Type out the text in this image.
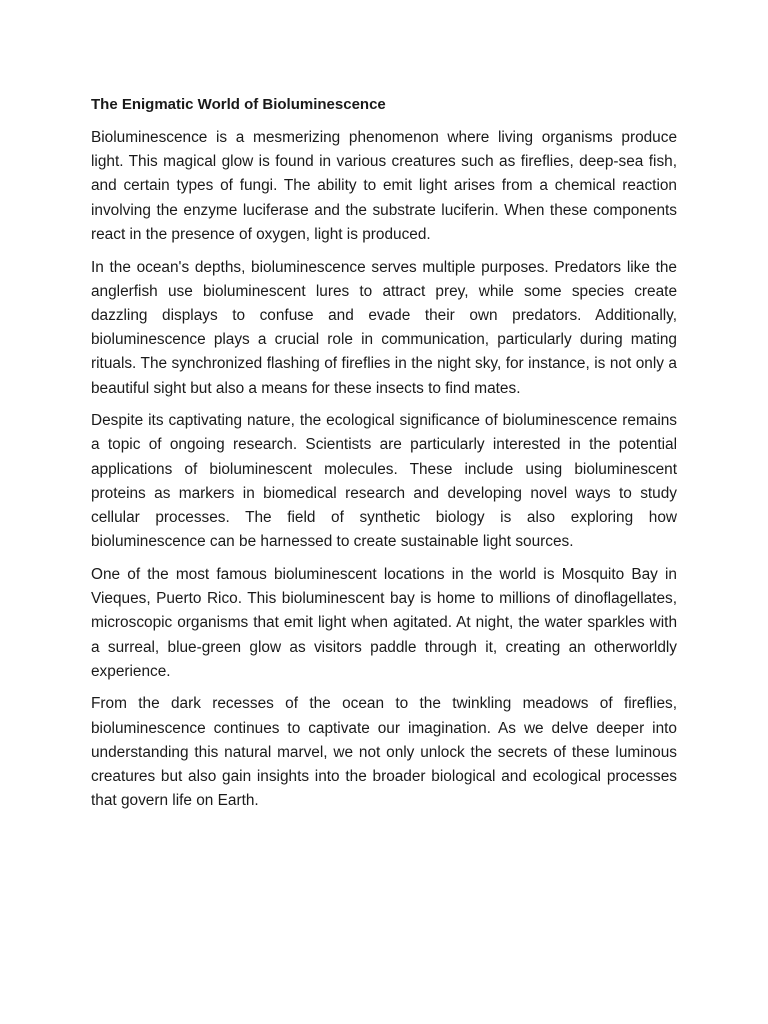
The Enigmatic World of Bioluminescence

Bioluminescence is a mesmerizing phenomenon where living organisms produce light. This magical glow is found in various creatures such as fireflies, deep-sea fish, and certain types of fungi. The ability to emit light arises from a chemical reaction involving the enzyme luciferase and the substrate luciferin. When these components react in the presence of oxygen, light is produced.

In the ocean's depths, bioluminescence serves multiple purposes. Predators like the anglerfish use bioluminescent lures to attract prey, while some species create dazzling displays to confuse and evade their own predators. Additionally, bioluminescence plays a crucial role in communication, particularly during mating rituals. The synchronized flashing of fireflies in the night sky, for instance, is not only a beautiful sight but also a means for these insects to find mates.

Despite its captivating nature, the ecological significance of bioluminescence remains a topic of ongoing research. Scientists are particularly interested in the potential applications of bioluminescent molecules. These include using bioluminescent proteins as markers in biomedical research and developing novel ways to study cellular processes. The field of synthetic biology is also exploring how bioluminescence can be harnessed to create sustainable light sources.

One of the most famous bioluminescent locations in the world is Mosquito Bay in Vieques, Puerto Rico. This bioluminescent bay is home to millions of dinoflagellates, microscopic organisms that emit light when agitated. At night, the water sparkles with a surreal, blue-green glow as visitors paddle through it, creating an otherworldly experience.

From the dark recesses of the ocean to the twinkling meadows of fireflies, bioluminescence continues to captivate our imagination. As we delve deeper into understanding this natural marvel, we not only unlock the secrets of these luminous creatures but also gain insights into the broader biological and ecological processes that govern life on Earth.
